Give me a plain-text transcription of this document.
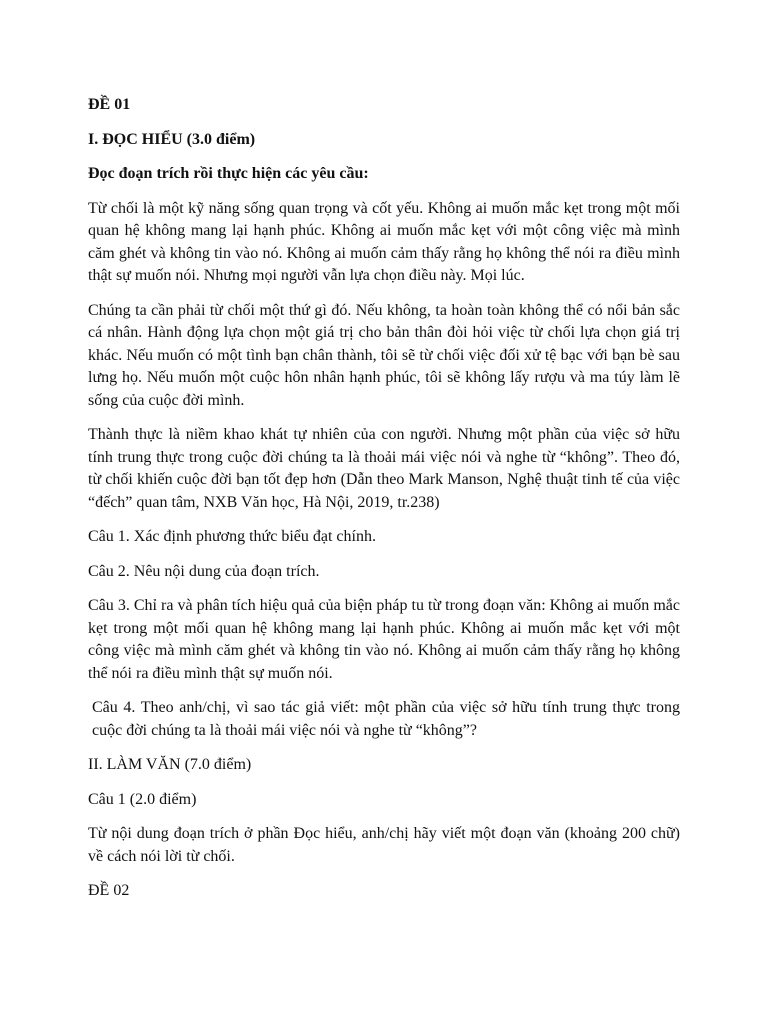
ĐỀ 01
I. ĐỌC HIỂU (3.0 điểm)
Đọc đoạn trích rồi thực hiện các yêu cầu:
Từ chối là một kỹ năng sống quan trọng và cốt yếu. Không ai muốn mắc kẹt trong một mối quan hệ không mang lại hạnh phúc. Không ai muốn mắc kẹt với một công việc mà mình căm ghét và không tin vào nó. Không ai muốn cảm thấy rằng họ không thể nói ra điều mình thật sự muốn nói. Nhưng mọi người vẫn lựa chọn điều này. Mọi lúc.
Chúng ta cần phải từ chối một thứ gì đó. Nếu không, ta hoàn toàn không thể có nổi bản sắc cá nhân. Hành động lựa chọn một giá trị cho bản thân đòi hỏi việc từ chối lựa chọn giá trị khác. Nếu muốn có một tình bạn chân thành, tôi sẽ từ chối việc đối xử tệ bạc với bạn bè sau lưng họ. Nếu muốn một cuộc hôn nhân hạnh phúc, tôi sẽ không lấy rượu và ma túy làm lẽ sống của cuộc đời mình.
Thành thực là niềm khao khát tự nhiên của con người. Nhưng một phần của việc sở hữu tính trung thực trong cuộc đời chúng ta là thoải mái việc nói và nghe từ “không”. Theo đó, từ chối khiến cuộc đời bạn tốt đẹp hơn (Dẫn theo Mark Manson, Nghệ thuật tinh tế của việc “đếch” quan tâm, NXB Văn học, Hà Nội, 2019, tr.238)
Câu 1. Xác định phương thức biểu đạt chính.
Câu 2. Nêu nội dung của đoạn trích.
Câu 3. Chỉ ra và phân tích hiệu quả của biện pháp tu từ trong đoạn văn: Không ai muốn mắc kẹt trong một mối quan hệ không mang lại hạnh phúc. Không ai muốn mắc kẹt với một công việc mà mình căm ghét và không tin vào nó. Không ai muốn cảm thấy rằng họ không thể nói ra điều mình thật sự muốn nói.
Câu 4. Theo anh/chị, vì sao tác giả viết: một phần của việc sở hữu tính trung thực trong cuộc đời chúng ta là thoải mái việc nói và nghe từ “không”?
II. LÀM VĂN (7.0 điểm)
Câu 1 (2.0 điểm)
Từ nội dung đoạn trích ở phần Đọc hiểu, anh/chị hãy viết một đoạn văn (khoảng 200 chữ) về cách nói lời từ chối.
ĐỀ 02
